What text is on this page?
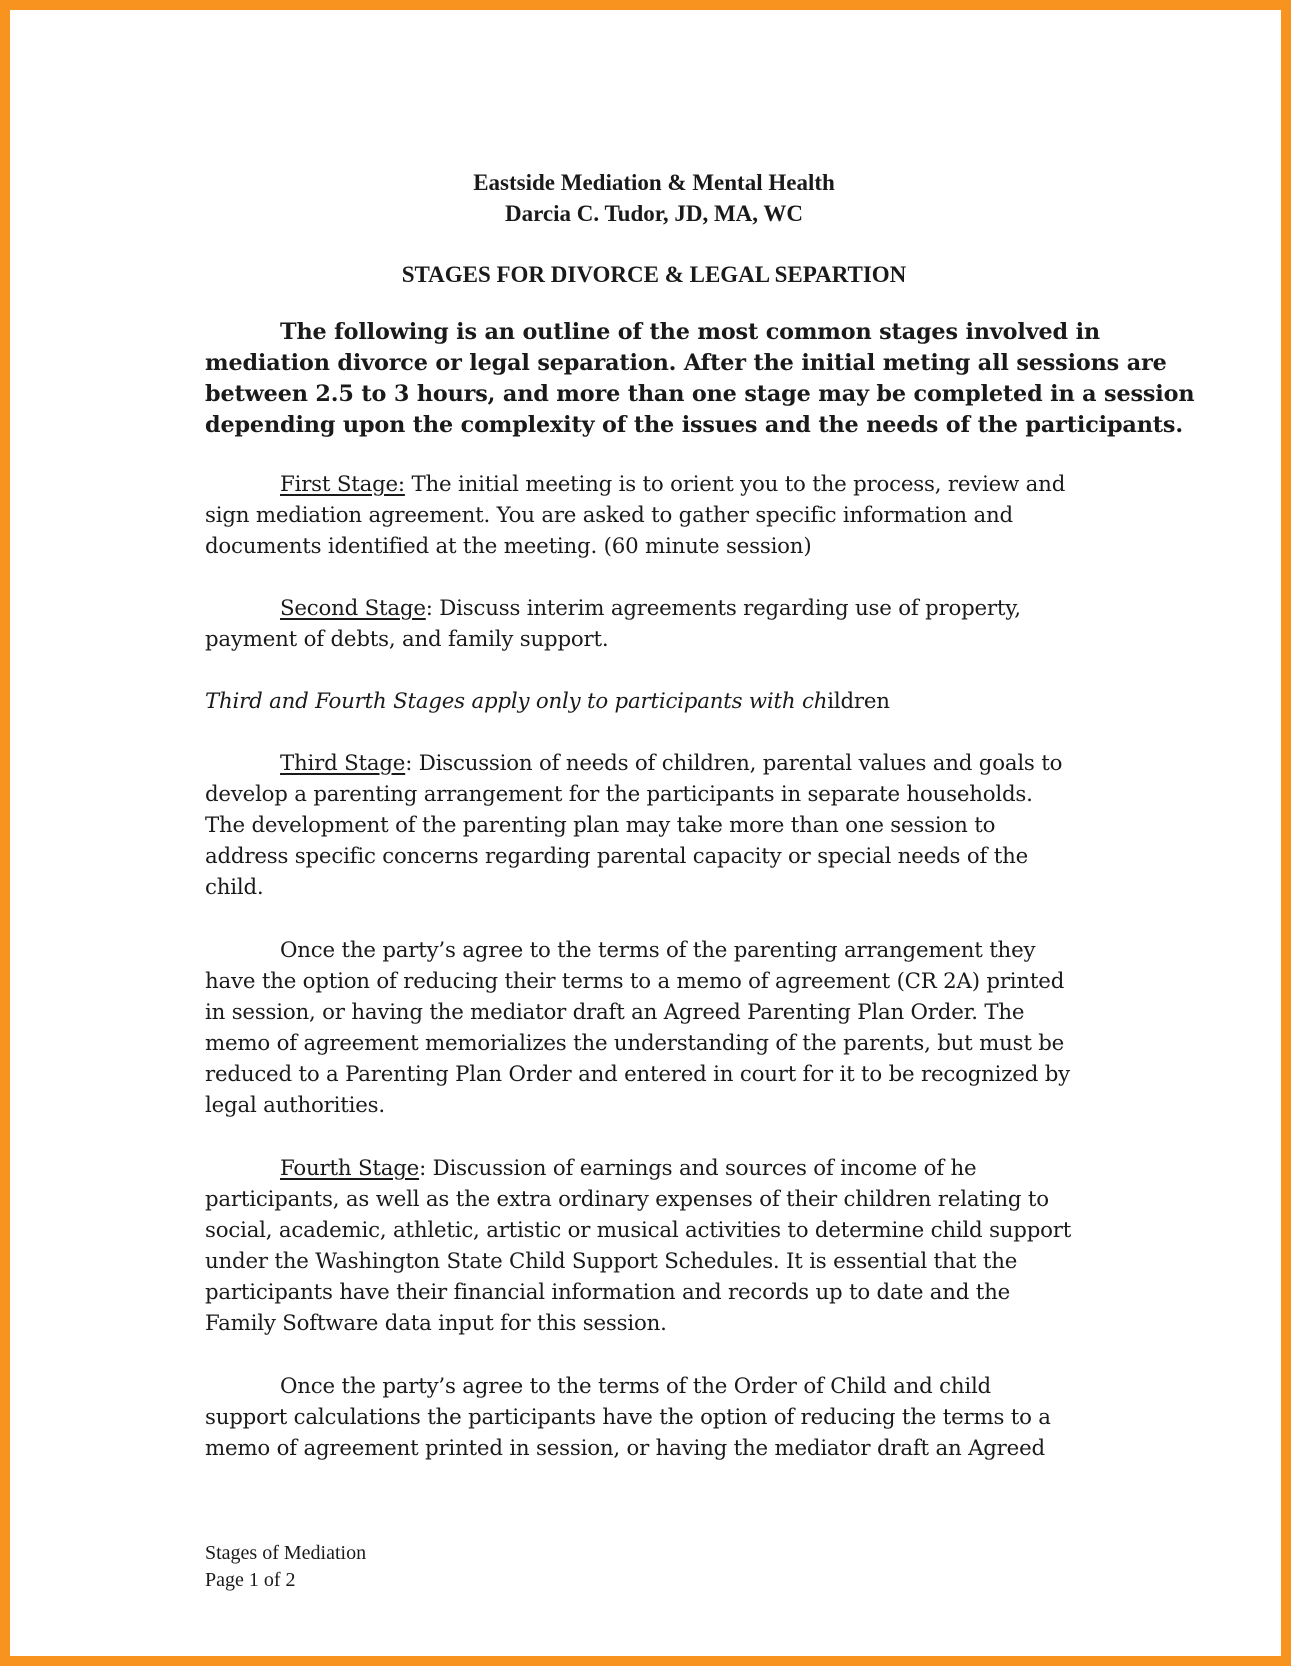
Eastside Mediation & Mental Health
Darcia C. Tudor, JD, MA, WC
STAGES FOR DIVORCE & LEGAL SEPARTION
The following is an outline of the most common stages involved in
mediation divorce or legal separation. After the initial meting all sessions are
between 2.5 to 3 hours, and more than one stage may be completed in a session
depending upon the complexity of the issues and the needs of the participants.
First Stage: The initial meeting is to orient you to the process, review and
sign mediation agreement. You are asked to gather specific information and
documents identified at the meeting. (60 minute session)
Second Stage: Discuss interim agreements regarding use of property,
payment of debts, and family support.
Third and Fourth Stages apply only to participants with children
Third Stage: Discussion of needs of children, parental values and goals to
develop a parenting arrangement for the participants in separate households.
The development of the parenting plan may take more than one session to
address specific concerns regarding parental capacity or special needs of the
child.
Once the party’s agree to the terms of the parenting arrangement they
have the option of reducing their terms to a memo of agreement (CR 2A) printed
in session, or having the mediator draft an Agreed Parenting Plan Order. The
memo of agreement memorializes the understanding of the parents, but must be
reduced to a Parenting Plan Order and entered in court for it to be recognized by
legal authorities.
Fourth Stage: Discussion of earnings and sources of income of he
participants, as well as the extra ordinary expenses of their children relating to
social, academic, athletic, artistic or musical activities to determine child support
under the Washington State Child Support Schedules. It is essential that the
participants have their financial information and records up to date and the
Family Software data input for this session.
Once the party’s agree to the terms of the Order of Child and child
support calculations the participants have the option of reducing the terms to a
memo of agreement printed in session, or having the mediator draft an Agreed
Stages of Mediation
Page 1 of 2
